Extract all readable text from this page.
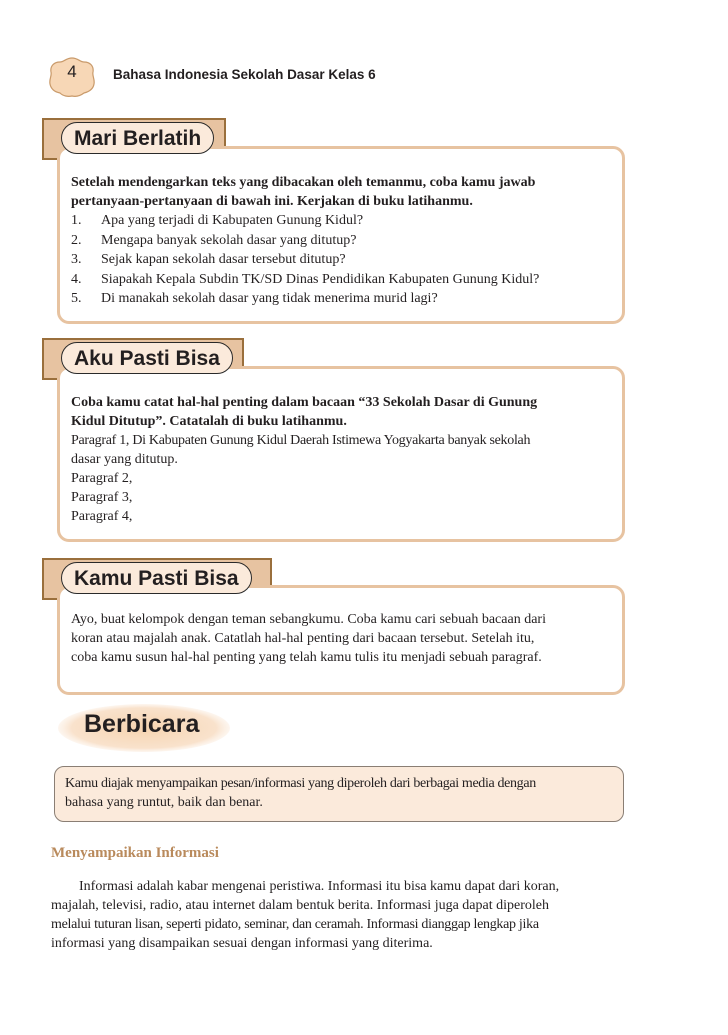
4	Bahasa Indonesia Sekolah Dasar Kelas 6
Mari Berlatih
Setelah mendengarkan teks yang dibacakan oleh temanmu, coba kamu jawab
pertanyaan-pertanyaan di bawah ini. Kerjakan di buku latihanmu.
1. Apa yang terjadi di Kabupaten Gunung Kidul?
2. Mengapa banyak sekolah dasar yang ditutup?
3. Sejak kapan sekolah dasar tersebut ditutup?
4. Siapakah Kepala Subdin TK/SD Dinas Pendidikan Kabupaten Gunung Kidul?
5. Di manakah sekolah dasar yang tidak menerima murid lagi?
Aku Pasti Bisa
Coba kamu catat hal-hal penting dalam bacaan “33 Sekolah Dasar di Gunung
Kidul Ditutup”. Catatalah di buku latihanmu.
Paragraf 1, Di Kabupaten Gunung Kidul Daerah Istimewa Yogyakarta banyak sekolah
dasar yang ditutup.
Paragraf 2,
Paragraf 3,
Paragraf 4,
Kamu Pasti Bisa
Ayo, buat kelompok dengan teman sebangkumu. Coba kamu cari sebuah bacaan dari
koran atau majalah anak. Catatlah hal-hal penting dari bacaan tersebut. Setelah itu,
coba kamu susun hal-hal penting yang telah kamu tulis itu menjadi sebuah paragraf.
Berbicara
Kamu diajak menyampaikan pesan/informasi yang diperoleh dari berbagai media dengan
bahasa yang runtut, baik dan benar.
Menyampaikan Informasi
Informasi adalah kabar mengenai peristiwa. Informasi itu bisa kamu dapat dari koran,
majalah, televisi, radio, atau internet dalam bentuk berita. Informasi juga dapat diperoleh
melalui tuturan lisan, seperti pidato, seminar, dan ceramah. Informasi dianggap lengkap jika
informasi yang disampaikan sesuai dengan informasi yang diterima.
